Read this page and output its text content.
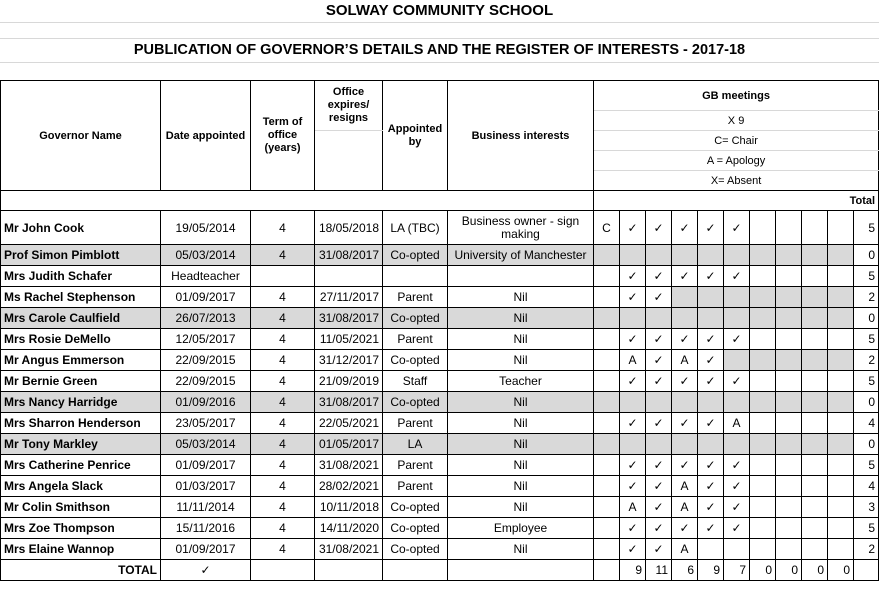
SOLWAY COMMUNITY SCHOOL
PUBLICATION OF GOVERNOR’S DETAILS AND THE REGISTER OF INTERESTS - 2017-18
Governor Name	Date appointed	Term of office (years)	Office expires/ resigns	Appointed by	Business interests	GB meetings										
						X 9										
						C= Chair										
						A = Apology										
						X= Absent										
						Total										
Mr John Cook	19/05/2014	4	18/05/2018	LA (TBC)	Business owner - sign making	C	✓	✓	✓	✓	✓					5
Prof Simon Pimblott	05/03/2014	4	31/08/2017	Co-opted	University of Manchester											0
Mrs Judith Schafer	Headteacher						✓	✓	✓	✓	✓					5
Ms Rachel Stephenson	01/09/2017	4	27/11/2017	Parent	Nil		✓	✓								2
Mrs Carole Caulfield	26/07/2013	4	31/08/2017	Co-opted	Nil											0
Mrs Rosie DeMello	12/05/2017	4	11/05/2021	Parent	Nil		✓	✓	✓	✓	✓					5
Mr Angus Emmerson	22/09/2015	4	31/12/2017	Co-opted	Nil		A	✓	A	✓						2
Mr Bernie Green	22/09/2015	4	21/09/2019	Staff	Teacher		✓	✓	✓	✓	✓					5
Mrs Nancy Harridge	01/09/2016	4	31/08/2017	Co-opted	Nil											0
Mrs Sharron Henderson	23/05/2017	4	22/05/2021	Parent	Nil		✓	✓	✓	✓	A					4
Mr Tony Markley	05/03/2014	4	01/05/2017	LA	Nil											0
Mrs Catherine Penrice	01/09/2017	4	31/08/2021	Parent	Nil		✓	✓	✓	✓	✓					5
Mrs Angela Slack	01/03/2017	4	28/02/2021	Parent	Nil		✓	✓	A	✓	✓					4
Mr Colin Smithson	11/11/2014	4	10/11/2018	Co-opted	Nil		A	✓	A	✓	✓					3
Mrs Zoe Thompson	15/11/2016	4	14/11/2020	Co-opted	Employee		✓	✓	✓	✓	✓					5
Mrs Elaine Wannop	01/09/2017	4	31/08/2021	Co-opted	Nil		✓	✓	A							2
TOTAL	✓						9	11	6	9	7	0	0	0	0	
